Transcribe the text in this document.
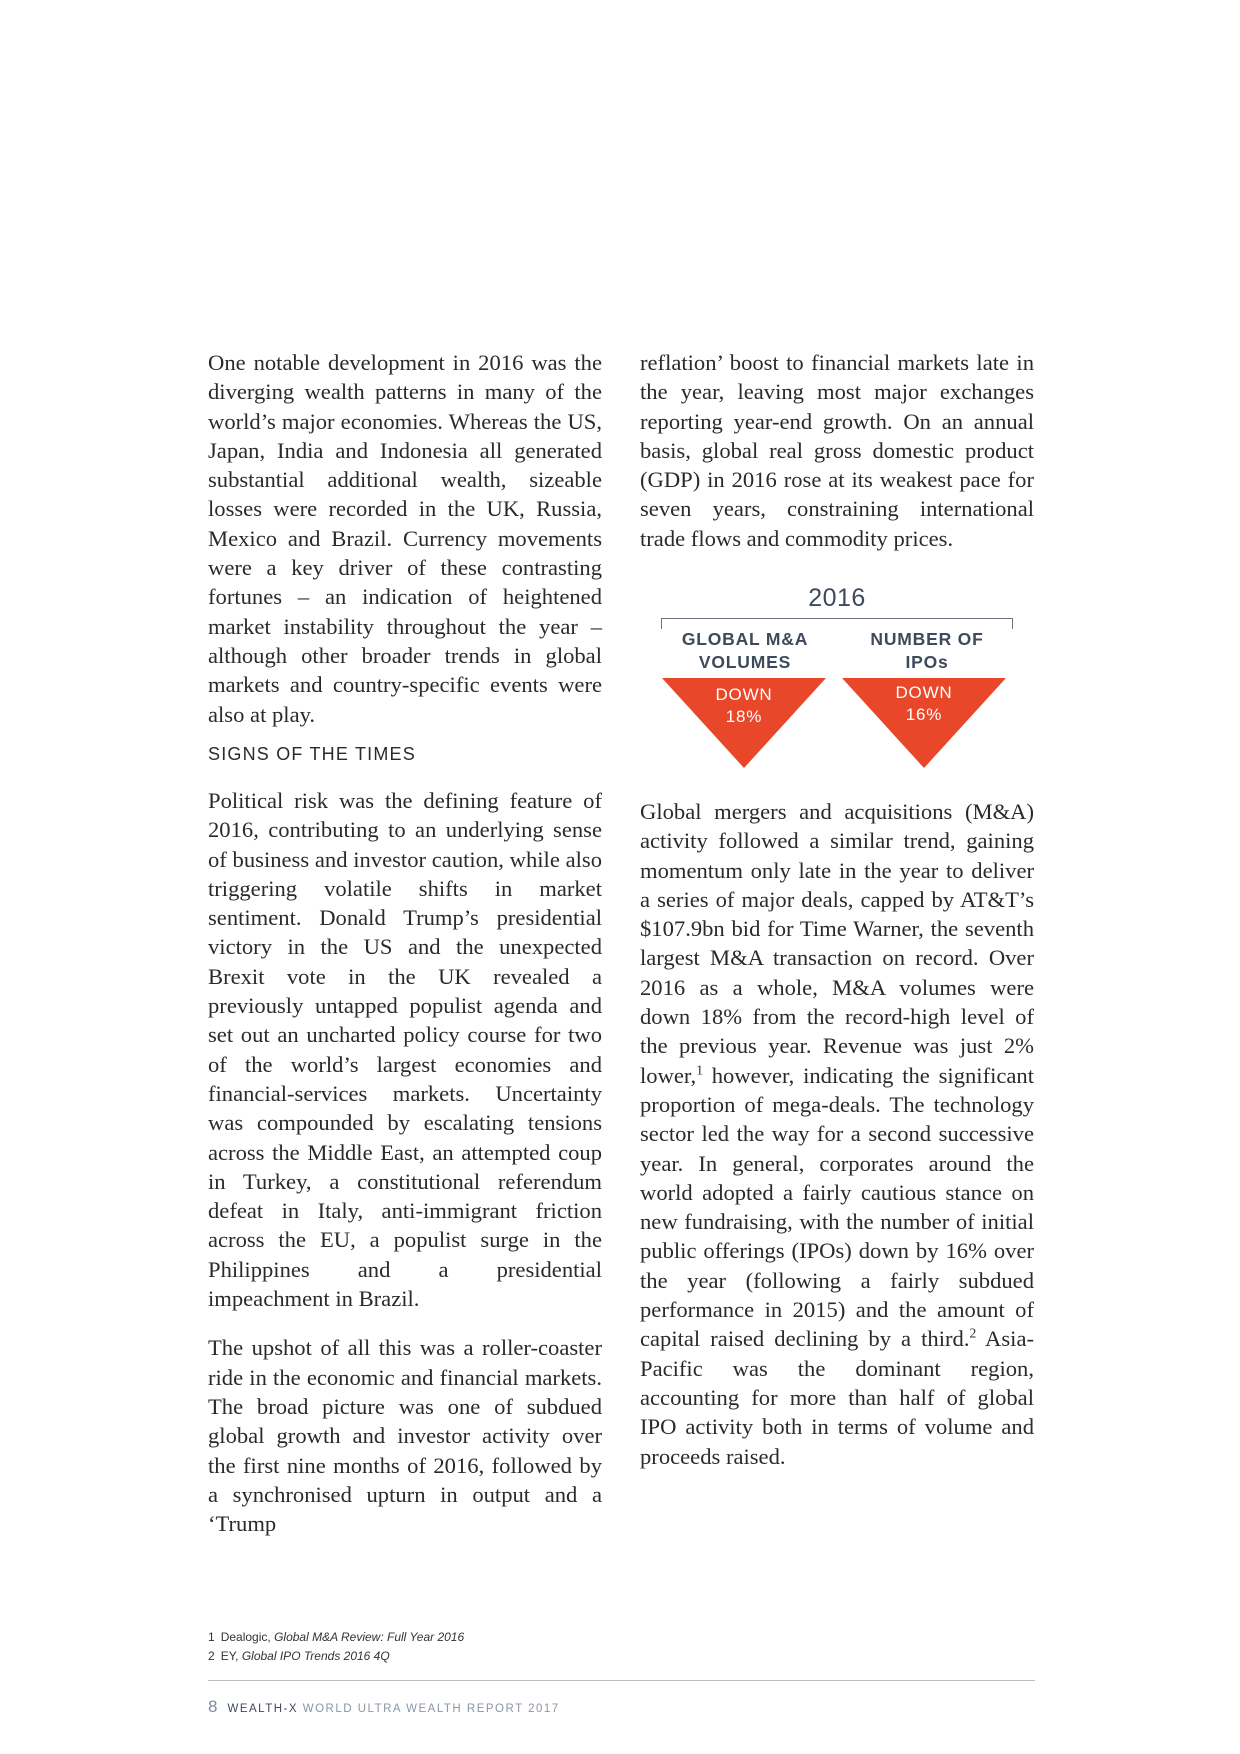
One notable development in 2016 was the diverging wealth patterns in many of the world’s major economies. Whereas the US, Japan, India and Indonesia all generated substantial additional wealth, sizeable losses were recorded in the UK, Russia, Mexico and Brazil. Currency movements were a key driver of these contrasting fortunes – an indication of heightened market instability throughout the year – although other broader trends in global markets and country-specific events were also at play.

SIGNS OF THE TIMES

Political risk was the defining feature of 2016, contributing to an underlying sense of business and investor caution, while also triggering volatile shifts in market sentiment. Donald Trump’s presidential victory in the US and the unexpected Brexit vote in the UK revealed a previously untapped populist agenda and set out an uncharted policy course for two of the world’s largest economies and financial-services markets. Uncertainty was compounded by escalating tensions across the Middle East, an attempted coup in Turkey, a constitutional referendum defeat in Italy, anti-immigrant friction across the EU, a populist surge in the Philippines and a presidential impeachment in Brazil.

The upshot of all this was a roller-coaster ride in the economic and financial markets. The broad picture was one of subdued global growth and investor activity over the first nine months of 2016, followed by a synchronised upturn in output and a ‘Trump

reflation’ boost to financial markets late in the year, leaving most major exchanges reporting year-end growth. On an annual basis, global real gross domestic product (GDP) in 2016 rose at its weakest pace for seven years, constraining international trade flows and commodity prices.

2016
GLOBAL M&A
VOLUMES
NUMBER OF
IPOs
DOWN
18%
DOWN
16%

Global mergers and acquisitions (M&A) activity followed a similar trend, gaining momentum only late in the year to deliver a series of major deals, capped by AT&T’s $107.9bn bid for Time Warner, the seventh largest M&A transaction on record. Over 2016 as a whole, M&A volumes were down 18% from the record-high level of the previous year. Revenue was just 2% lower,$^1$ however, indicating the significant proportion of mega-deals. The technology sector led the way for a second successive year. In general, corporates around the world adopted a fairly cautious stance on new fundraising, with the number of initial public offerings (IPOs) down by 16% over the year (following a fairly subdued performance in 2015) and the amount of capital raised declining by a third.$^2$ Asia-Pacific was the dominant region, accounting for more than half of global IPO activity both in terms of volume and proceeds raised.

1 Dealogic, Global M&A Review: Full Year 2016
2 EY, Global IPO Trends 2016 4Q
8 WEALTH-X WORLD ULTRA WEALTH REPORT 2017
